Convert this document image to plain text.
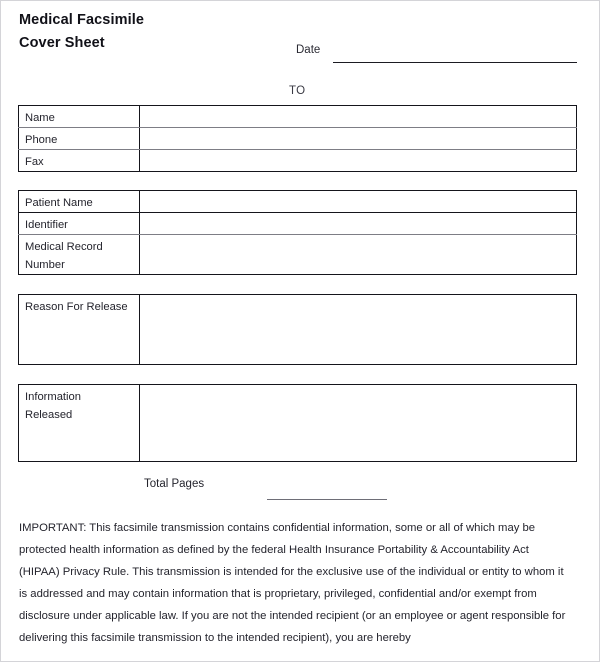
Medical Facsimile
Cover Sheet	Date
TO
Name	
Phone	
Fax	
Patient Name	
Identifier	

Medical Record
Number	

Reason For Release	
Information
Released

Total Pages
IMPORTANT: This facsimile transmission contains confidential information, some or all of which may be protected health information as defined by the federal Health Insurance Portability & Accountability Act (HIPAA) Privacy Rule. This transmission is intended for the exclusive use of the individual or entity to whom it is addressed and may contain information that is proprietary, privileged, confidential and/or exempt from disclosure under applicable law. If you are not the intended recipient (or an employee or agent responsible for delivering this facsimile transmission to the intended recipient), you are hereby
